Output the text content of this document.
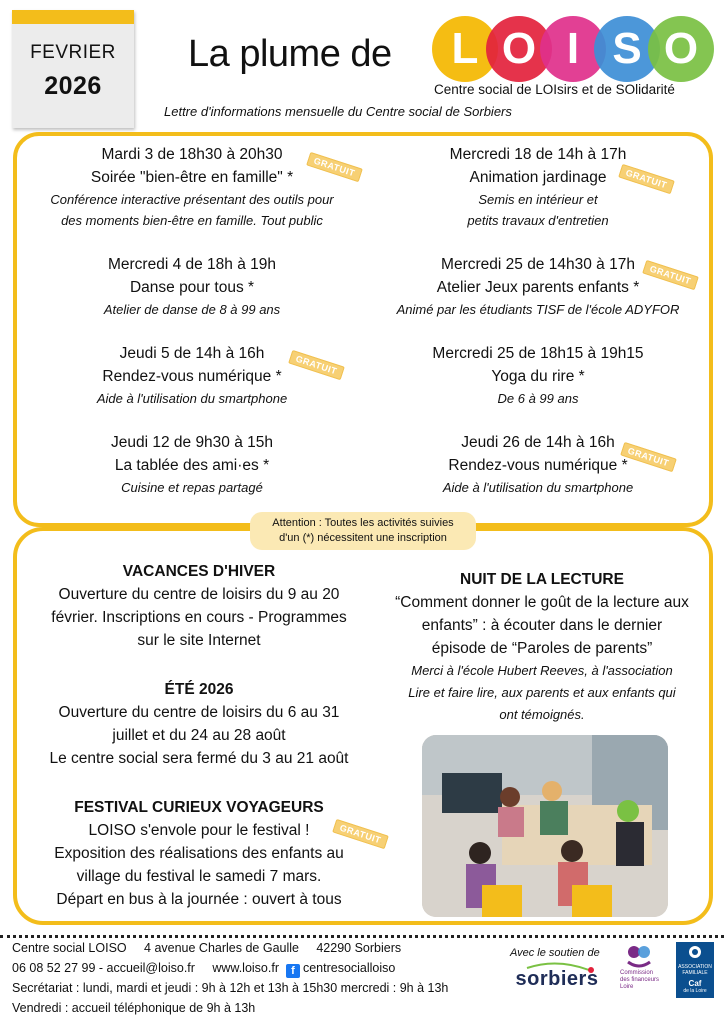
FEVRIER
2026
La plume de	L O I S O
Centre social de LOIsirs et de SOlidarité
Lettre d'informations mensuelle du Centre social de Sorbiers
Mardi 3 de 18h30 à 20h30
Soirée "bien-être en famille" *
Conférence interactive présentant des outils pour
des moments bien-être en famille. Tout public
Mercredi 4 de 18h à 19h
Danse pour tous *
Atelier de danse de 8 à 99 ans
Jeudi 5 de 14h à 16h
Rendez-vous numérique *
Aide à l'utilisation du smartphone
Jeudi 12 de 9h30 à 15h
La tablée des ami·es *
Cuisine et repas partagé
Mercredi 18 de 14h à 17h
Animation jardinage
Semis en intérieur et
petits travaux d'entretien
Mercredi 25 de 14h30 à 17h
Atelier Jeux parents enfants *
Animé par les étudiants TISF de l'école ADYFOR
Mercredi 25 de 18h15 à 19h15
Yoga du rire *
De 6 à 99 ans
Jeudi 26 de 14h à 16h
Rendez-vous numérique *
Aide à l'utilisation du smartphone
GRATUIT
GRATUIT
GRATUIT
GRATUIT
GRATUIT
VACANCES D'HIVER
Ouverture du centre de loisirs du 9 au 20
février. Inscriptions en cours - Programmes
sur le site Internet
ÉTÉ 2026
Ouverture du centre de loisirs du 6 au 31
juillet et du 24 au 28 août
Le centre social sera fermé du 3 au 21 août
FESTIVAL CURIEUX VOYAGEURS
LOISO s'envole pour le festival !
Exposition des réalisations des enfants au
village du festival le samedi 7 mars.
Départ en bus à la journée : ouvert à tous
GRATUIT
NUIT DE LA LECTURE
“Comment donner le goût de la lecture aux
enfants” : à écouter dans le dernier
épisode de “Paroles de parents”
Merci à l'école Hubert Reeves, à l'association
Lire et faire lire, aux parents et aux enfants qui
ont témoignés.
Attention : Toutes les activités suivies
d'un (*) nécessitent une inscription
Centre social LOISO 4 avenue Charles de Gaulle 42290 Sorbiers
06 08 52 27 99 - accueil@loiso.fr www.loiso.fr f centresocialloiso
Secrétariat : lundi, mardi et jeudi : 9h à 12h et 13h à 15h30 mercredi : 9h à 13h
Vendredi : accueil téléphonique de 9h à 13h
Avec le soutien de
sorbiers	Commission
des financeurs
Loire
ASSOCIATION
FAMILIALE
Caf
de la Loire
